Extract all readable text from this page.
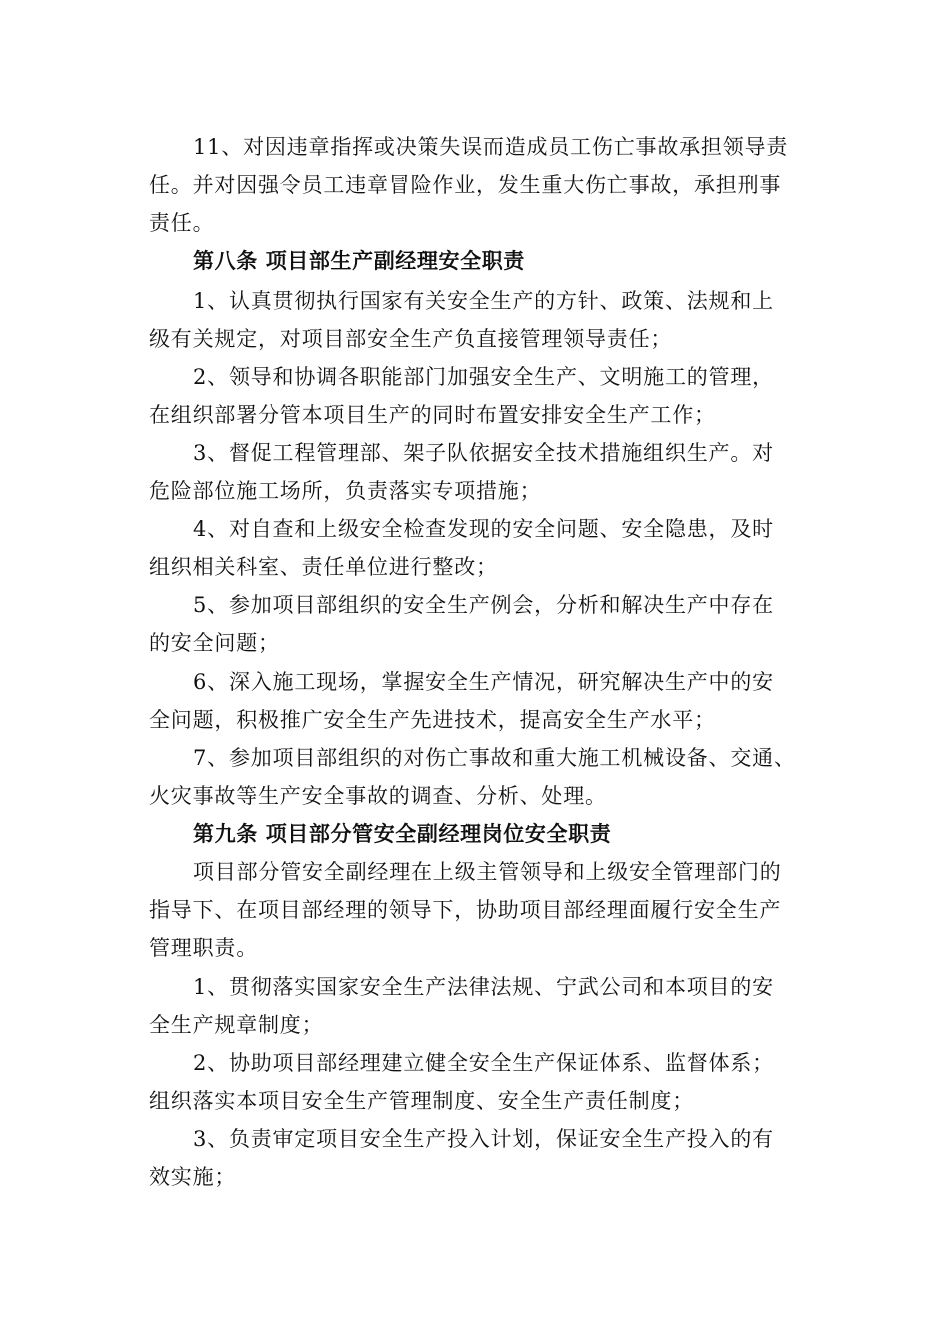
11、对因违章指挥或决策失误而造成员工伤亡事故承担领导责
任。并对因强令员工违章冒险作业，发生重大伤亡事故，承担刑事
责任。
第八条 项目部生产副经理安全职责
1、认真贯彻执行国家有关安全生产的方针、政策、法规和上
级有关规定，对项目部安全生产负直接管理领导责任；
2、领导和协调各职能部门加强安全生产、文明施工的管理，
在组织部署分管本项目生产的同时布置安排安全生产工作；
3、督促工程管理部、架子队依据安全技术措施组织生产。对
危险部位施工场所，负责落实专项措施；
4、对自查和上级安全检查发现的安全问题、安全隐患，及时
组织相关科室、责任单位进行整改；
5、参加项目部组织的安全生产例会，分析和解决生产中存在
的安全问题；
6、深入施工现场，掌握安全生产情况，研究解决生产中的安
全问题，积极推广安全生产先进技术，提高安全生产水平；
7、参加项目部组织的对伤亡事故和重大施工机械设备、交通、
火灾事故等生产安全事故的调查、分析、处理。
第九条 项目部分管安全副经理岗位安全职责
项目部分管安全副经理在上级主管领导和上级安全管理部门的
指导下、在项目部经理的领导下，协助项目部经理面履行安全生产
管理职责。
1、贯彻落实国家安全生产法律法规、宁武公司和本项目的安
全生产规章制度；
2、协助项目部经理建立健全安全生产保证体系、监督体系；
组织落实本项目安全生产管理制度、安全生产责任制度；
3、负责审定项目安全生产投入计划，保证安全生产投入的有
效实施；
